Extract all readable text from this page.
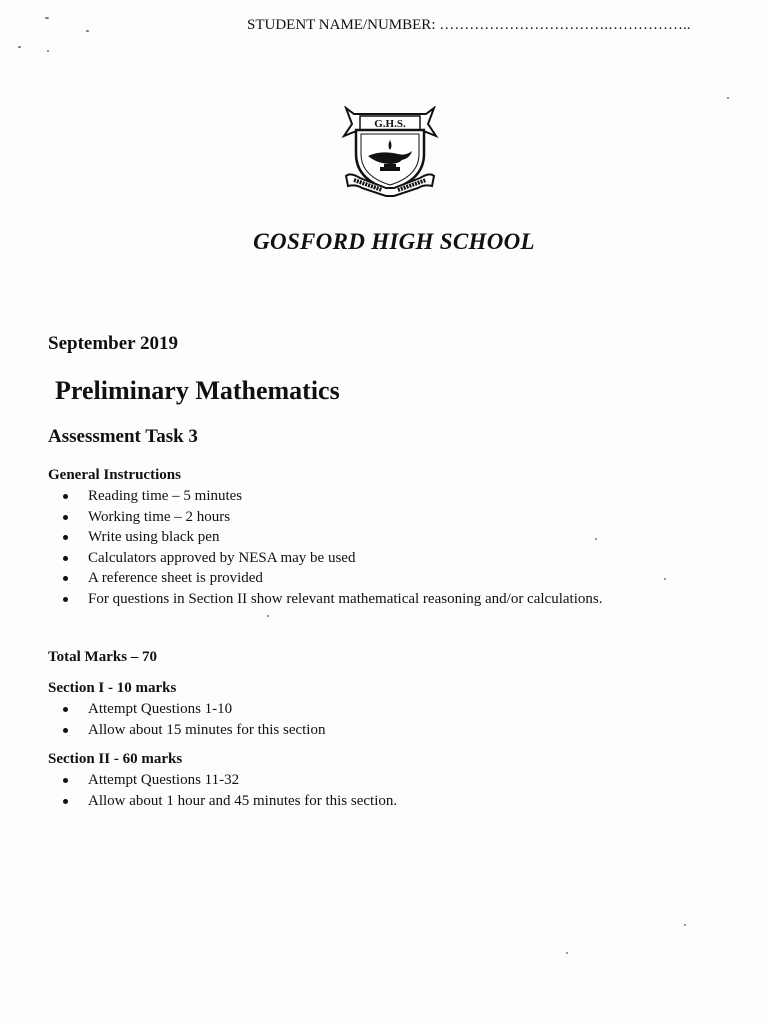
STUDENT NAME/NUMBER: …………………………….……………..
G.H.S.
GOSFORD HIGH SCHOOL
September 2019
Preliminary Mathematics
Assessment Task 3
General Instructions
Reading time – 5 minutes
Working time – 2 hours
Write using black pen
Calculators approved by NESA may be used
A reference sheet is provided
For questions in Section II show relevant mathematical reasoning and/or calculations.
Total Marks – 70
Section I - 10 marks
Attempt Questions 1-10
Allow about 15 minutes for this section
Section II - 60 marks
Attempt Questions 11-32
Allow about 1 hour and 45 minutes for this section.
